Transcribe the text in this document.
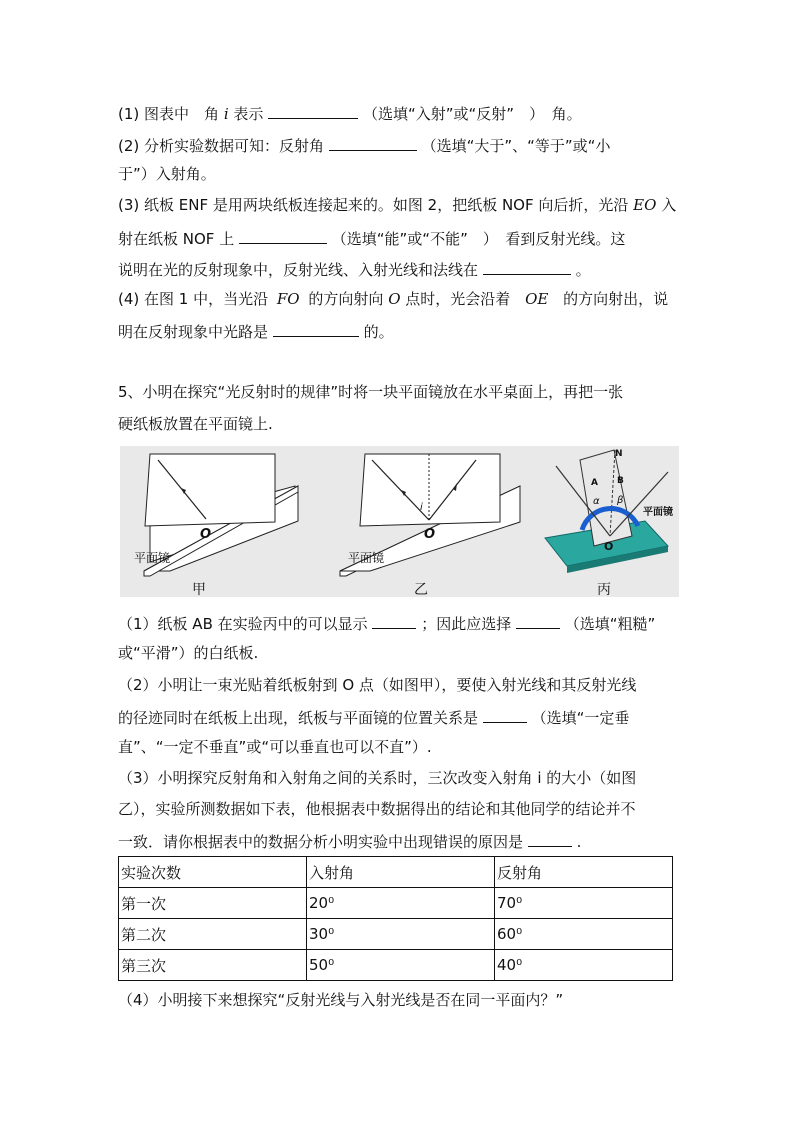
(1) 图表中　角 i 表示	（选填“入射”或“反射”　）　角。
(2) 分析实验数据可知：反射角	（选填“大于”、“等于”或“小
于”）入射角。
(3) 纸板 ENF 是用两块纸板连接起来的。如图 2，把纸板 NOF 向后折，光沿 EO 入
射在纸板 NOF 上	（选填“能”或“不能”　）　看到反射光线。这
说明在光的反射现象中，反射光线、入射光线和法线在	。
(4) 在图 1 中，当光沿 FO 的方向射向 O 点时，光会沿着 OE 的方向射出，说
明在反射现象中光路是	的。
5、小明在探究“光反射时的规律”时将一块平面镜放在水平桌面上，再把一张
硬纸板放置在平面镜上.
O
平面镜
甲
i
O
平面镜
乙
N
A B
α β
O
平面镜
丙
（1）纸板 AB 在实验丙中的可以显示	；因此应选择	（选填“粗糙”
或“平滑”）的白纸板.
（2）小明让一束光贴着纸板射到 O 点（如图甲），要使入射光线和其反射光线
的径迹同时在纸板上出现，纸板与平面镜的位置关系是	（选填“一定垂
直”、“一定不垂直”或“可以垂直也可以不直”）.
（3）小明探究反射角和入射角之间的关系时，三次改变入射角 i 的大小（如图
乙），实验所测数据如下表，他根据表中数据得出的结论和其他同学的结论并不
一致．请你根据表中的数据分析小明实验中出现错误的原因是	.
实验次数	入射角	反射角
第一次	20⁰	70⁰
第二次	30⁰	60⁰
第三次	50⁰	40⁰
（4）小明接下来想探究“反射光线与入射光线是否在同一平面内？”
